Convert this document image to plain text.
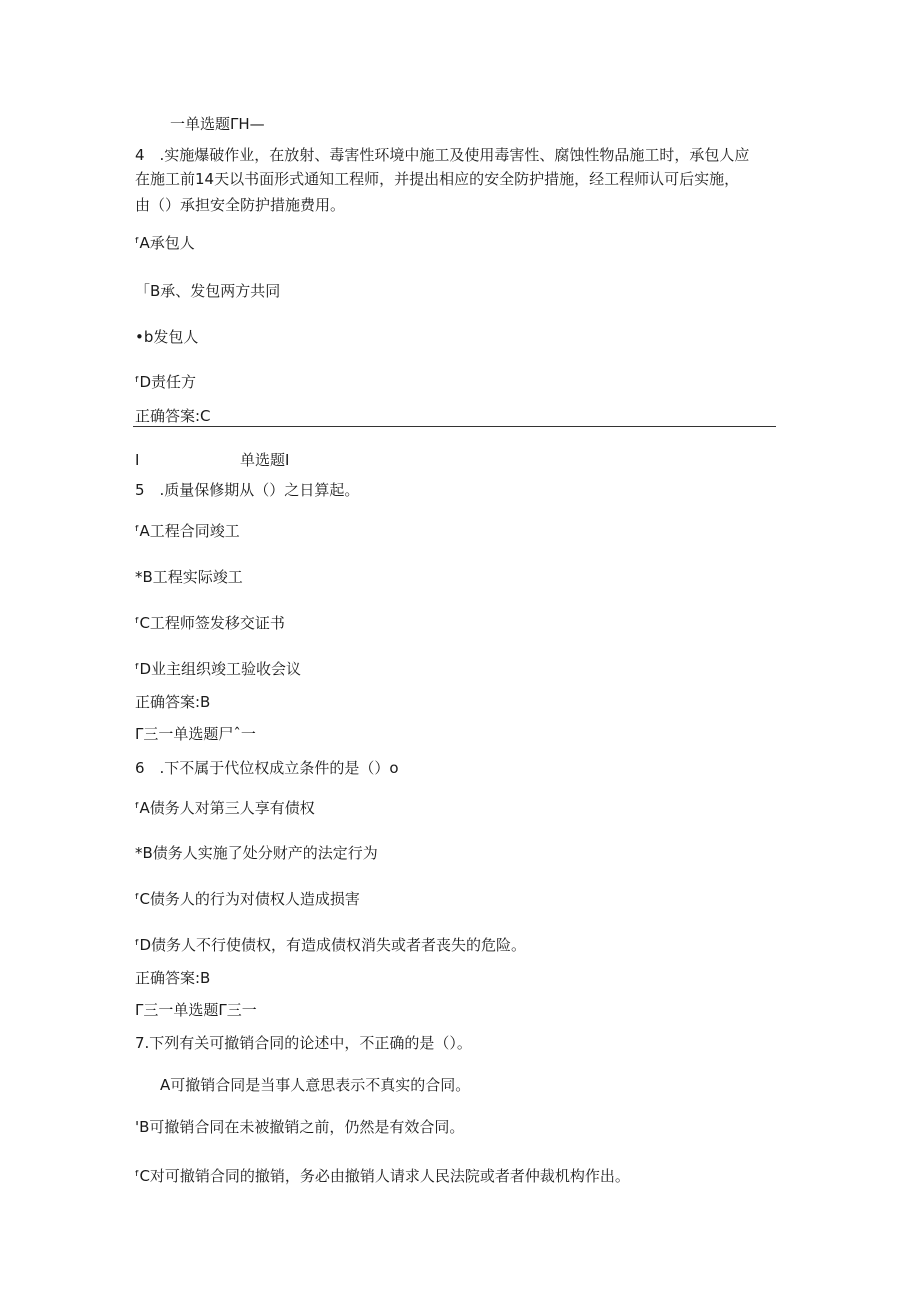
一单选题ΓH—
4　.实施爆破作业，在放射、毒害性环境中施工及使用毒害性、腐蚀性物品施工时，承包人应
在施工前14天以书面形式通知工程师，并提出相应的安全防护措施，经工程师认可后实施，
由（）承担安全防护措施费用。
ᶠA承包人
「B承、发包两方共同
•b发包人
ᶠD责任方
正确答案:C
I	单选题I
5　.质量保修期从（）之日算起。
ᶠA工程合同竣工
*B工程实际竣工
ᶠC工程师签发移交证书
ᶠD业主组织竣工验收会议
正确答案:B
Γ三一单选题尸ˆ一
6　.下不属于代位权成立条件的是（）o
ᶠA债务人对第三人享有债权
*B债务人实施了处分财产的法定行为
ᶠC债务人的行为对债权人造成损害
ᶠD债务人不行使债权，有造成债权消失或者者丧失的危险。
正确答案:B
Γ三一单选题Γ三一
7.下列有关可撤销合同的论述中，不正确的是（）。
A可撤销合同是当事人意思表示不真实的合同。
'B可撤销合同在未被撤销之前，仍然是有效合同。
ᶠC对可撤销合同的撤销，务必由撤销人请求人民法院或者者仲裁机构作出。
